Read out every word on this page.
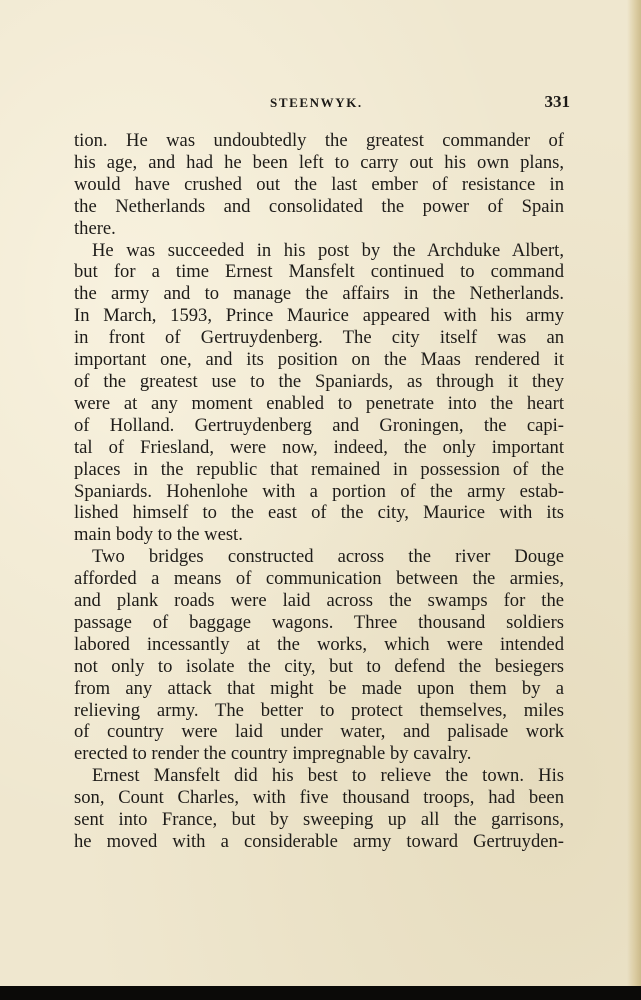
STEENWYK.	331

tion. He was undoubtedly the greatest commander of
his age, and had he been left to carry out his own plans,
would have crushed out the last ember of resistance in
the Netherlands and consolidated the power of Spain
there.

He was succeeded in his post by the Archduke Albert,
but for a time Ernest Mansfelt continued to command
the army and to manage the affairs in the Netherlands.
In March, 1593, Prince Maurice appeared with his army
in front of Gertruydenberg. The city itself was an
important one, and its position on the Maas rendered it
of the greatest use to the Spaniards, as through it they
were at any moment enabled to penetrate into the heart
of Holland. Gertruydenberg and Groningen, the capi-
tal of Friesland, were now, indeed, the only important
places in the republic that remained in possession of the
Spaniards. Hohenlohe with a portion of the army estab-
lished himself to the east of the city, Maurice with its
main body to the west.

Two bridges constructed across the river Douge
afforded a means of communication between the armies,
and plank roads were laid across the swamps for the
passage of baggage wagons. Three thousand soldiers
labored incessantly at the works, which were intended
not only to isolate the city, but to defend the besiegers
from any attack that might be made upon them by a
relieving army. The better to protect themselves, miles
of country were laid under water, and palisade work
erected to render the country impregnable by cavalry.

Ernest Mansfelt did his best to relieve the town. His
son, Count Charles, with five thousand troops, had been
sent into France, but by sweeping up all the garrisons,
he moved with a considerable army toward Gertruyden-
